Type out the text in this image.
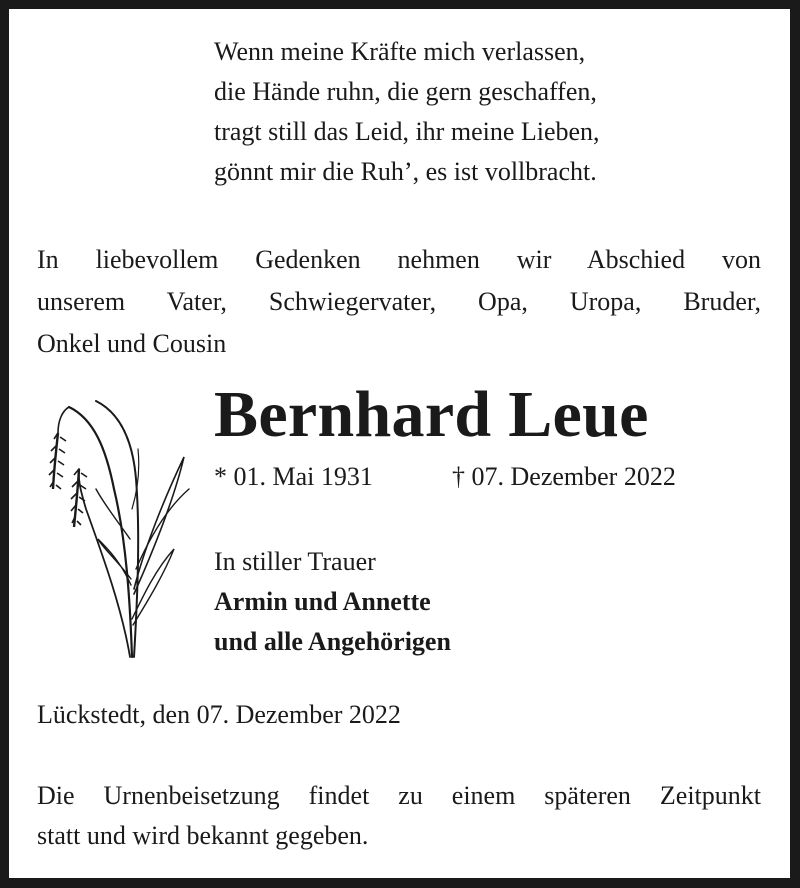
Wenn meine Kräfte mich verlassen,
die Hände ruhn, die gern geschaffen,
tragt still das Leid, ihr meine Lieben,
gönnt mir die Ruh’, es ist vollbracht.
In liebevollem Gedenken nehmen wir Abschied von
unserem Vater, Schwiegervater, Opa, Uropa, Bruder,
Onkel und Cousin
Bernhard Leue
* 01. Mai 1931	† 07. Dezember 2022
In stiller Trauer
Armin und Annette
und alle Angehörigen
Lückstedt, den 07. Dezember 2022
Die Urnenbeisetzung findet zu einem späteren Zeitpunkt
statt und wird bekannt gegeben.
